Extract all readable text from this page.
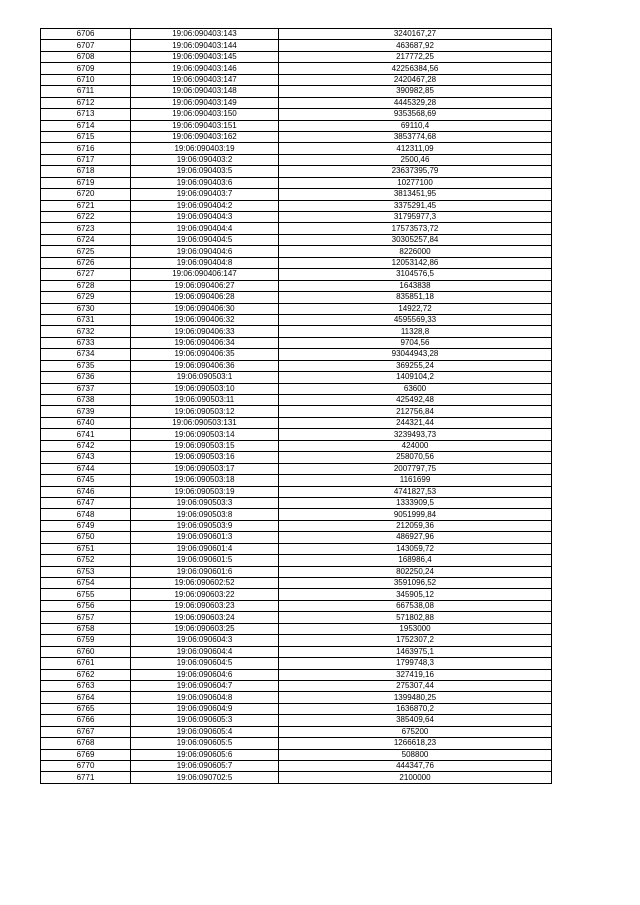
6706	19:06:090403:143	3240167,27
6707	19:06:090403:144	463687,92
6708	19:06:090403:145	217772,25
6709	19:06:090403:146	42256384,56
6710	19:06:090403:147	2420467,28
6711	19:06:090403:148	390982,85
6712	19:06:090403:149	4445329,28
6713	19:06:090403:150	9353568,69
6714	19:06:090403:151	69110,4
6715	19:06:090403:162	3853774,68
6716	19:06:090403:19	412311,09
6717	19:06:090403:2	2500,46
6718	19:06:090403:5	23637395,79
6719	19:06:090403:6	10277100
6720	19:06:090403:7	3813451,95
6721	19:06:090404:2	3375291,45
6722	19:06:090404:3	31795977,3
6723	19:06:090404:4	17573573,72
6724	19:06:090404:5	30305257,84
6725	19:06:090404:6	8226000
6726	19:06:090404:8	12053142,86
6727	19:06:090406:147	3104576,5
6728	19:06:090406:27	1643838
6729	19:06:090406:28	835851,18
6730	19:06:090406:30	14922,72
6731	19:06:090406:32	4595569,33
6732	19:06:090406:33	11328,8
6733	19:06:090406:34	9704,56
6734	19:06:090406:35	93044943,28
6735	19:06:090406:36	369255,24
6736	19:06:090503:1	1409104,2
6737	19:06:090503:10	63600
6738	19:06:090503:11	425492,48
6739	19:06:090503:12	212756,84
6740	19:06:090503:131	244321,44
6741	19:06:090503:14	3239493,73
6742	19:06:090503:15	424000
6743	19:06:090503:16	258070,56
6744	19:06:090503:17	2007797,75
6745	19:06:090503:18	1161699
6746	19:06:090503:19	4741827,53
6747	19:06:090503:3	1333909,5
6748	19:06:090503:8	9051999,84
6749	19:06:090503:9	212059,36
6750	19:06:090601:3	486927,96
6751	19:06:090601:4	143059,72
6752	19:06:090601:5	168986,4
6753	19:06:090601:6	802250,24
6754	19:06:090602:52	3591096,52
6755	19:06:090603:22	345905,12
6756	19:06:090603:23	667538,08
6757	19:06:090603:24	571802,88
6758	19:06:090603:25	1953000
6759	19:06:090604:3	1752307,2
6760	19:06:090604:4	1463975,1
6761	19:06:090604:5	1799748,3
6762	19:06:090604:6	327419,16
6763	19:06:090604:7	275307,44
6764	19:06:090604:8	1399480,25
6765	19:06:090604:9	1636870,2
6766	19:06:090605:3	385409,64
6767	19:06:090605:4	675200
6768	19:06:090605:5	1266618,23
6769	19:06:090605:6	508800
6770	19:06:090605:7	444347,76
6771	19:06:090702:5	2100000
